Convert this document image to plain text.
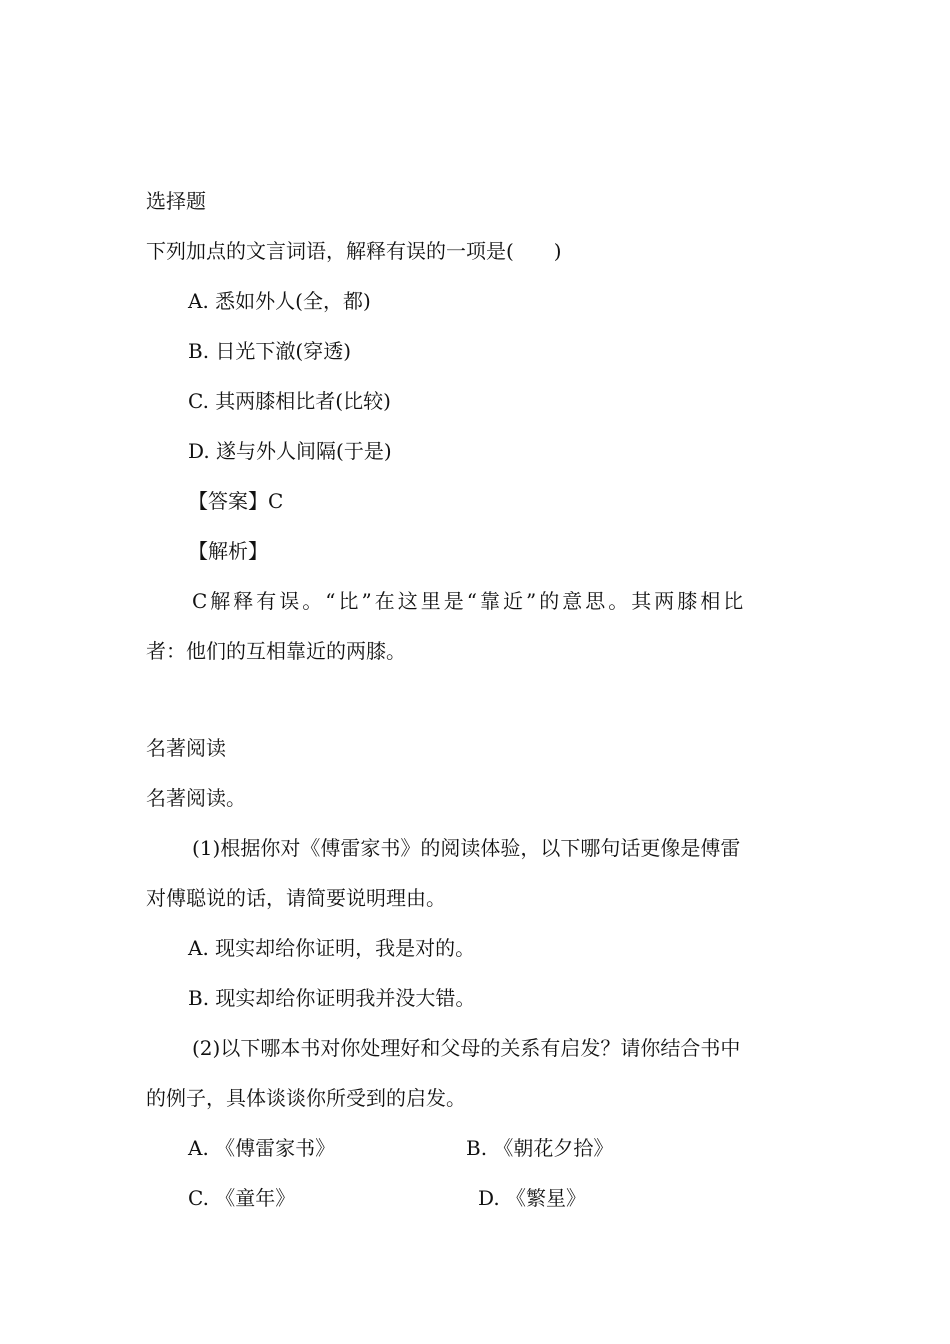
选择题
下列加点的文言词语，解释有误的一项是(　　)
A. 悉如外人(全，都)
B. 日光下澈(穿透)
C. 其两膝相比者(比较)
D. 遂与外人间隔(于是)
【答案】C
【解析】
C解释有误。“比”在这里是“靠近”的意思。其两膝相比
者：他们的互相靠近的两膝。
名著阅读
名著阅读。
(1)根据你对《傅雷家书》的阅读体验，以下哪句话更像是傅雷
对傅聪说的话，请简要说明理由。
A. 现实却给你证明，我是对的。
B. 现实却给你证明我并没大错。
(2)以下哪本书对你处理好和父母的关系有启发？请你结合书中
的例子，具体谈谈你所受到的启发。
A. 《傅雷家书》	B. 《朝花夕拾》
C. 《童年》	D. 《繁星》
